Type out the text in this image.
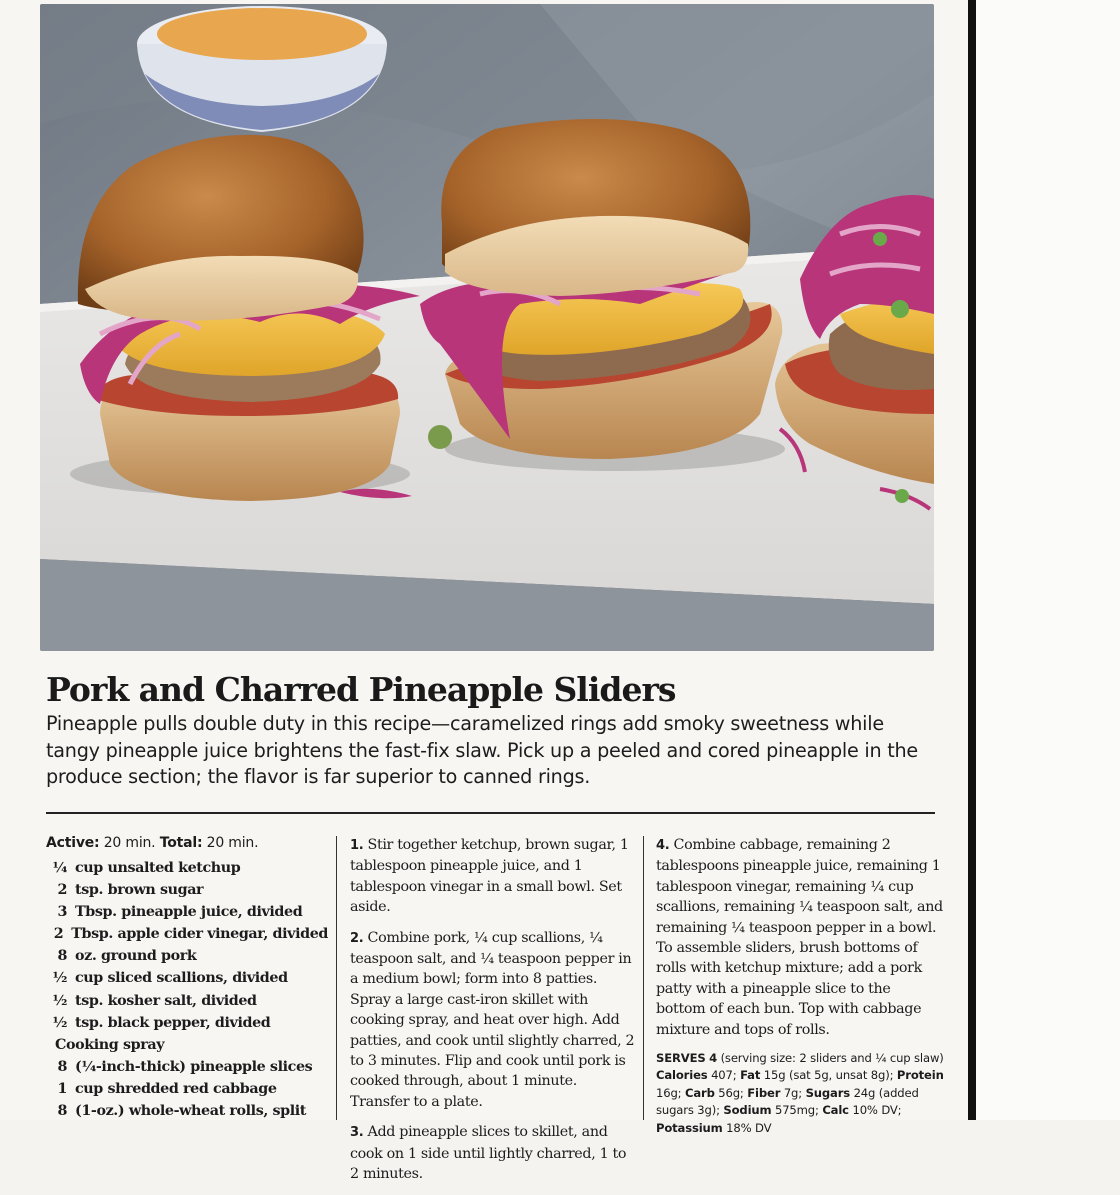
Pork and Charred Pineapple Sliders
Pineapple pulls double duty in this recipe—caramelized rings add smoky sweetness while tangy pineapple juice brightens the fast-fix slaw. Pick up a peeled and cored pineapple in the produce section; the flavor is far superior to canned rings.
Active: 20 min. Total: 20 min.
¼ cup unsalted ketchup
2 tsp. brown sugar
3 Tbsp. pineapple juice, divided
2 Tbsp. apple cider vinegar, divided
8 oz. ground pork
½ cup sliced scallions, divided
½ tsp. kosher salt, divided
½ tsp. black pepper, divided
Cooking spray
8 (¼-inch-thick) pineapple slices
1 cup shredded red cabbage
8 (1-oz.) whole-wheat rolls, split

1. Stir together ketchup, brown sugar, 1 tablespoon pineapple juice, and 1 tablespoon vinegar in a small bowl. Set aside.

2. Combine pork, ¼ cup scallions, ¼ teaspoon salt, and ¼ teaspoon pepper in a medium bowl; form into 8 patties. Spray a large cast-iron skillet with cooking spray, and heat over high. Add patties, and cook until slightly charred, 2 to 3 minutes. Flip and cook until pork is cooked through, about 1 minute. Transfer to a plate.

3. Add pineapple slices to skillet, and cook on 1 side until lightly charred, 1 to 2 minutes.

4. Combine cabbage, remaining 2 tablespoons pineapple juice, remaining 1 tablespoon vinegar, remaining ¼ cup scallions, remaining ¼ teaspoon salt, and remaining ¼ teaspoon pepper in a bowl. To assemble sliders, brush bottoms of rolls with ketchup mixture; add a pork patty with a pineapple slice to the bottom of each bun. Top with cabbage mixture and tops of rolls.

SERVES 4 (serving size: 2 sliders and ¼ cup slaw) Calories 407; Fat 15g (sat 5g, unsat 8g); Protein 16g; Carb 56g; Fiber 7g; Sugars 24g (added sugars 3g); Sodium 575mg; Calc 10% DV; Potassium 18% DV
